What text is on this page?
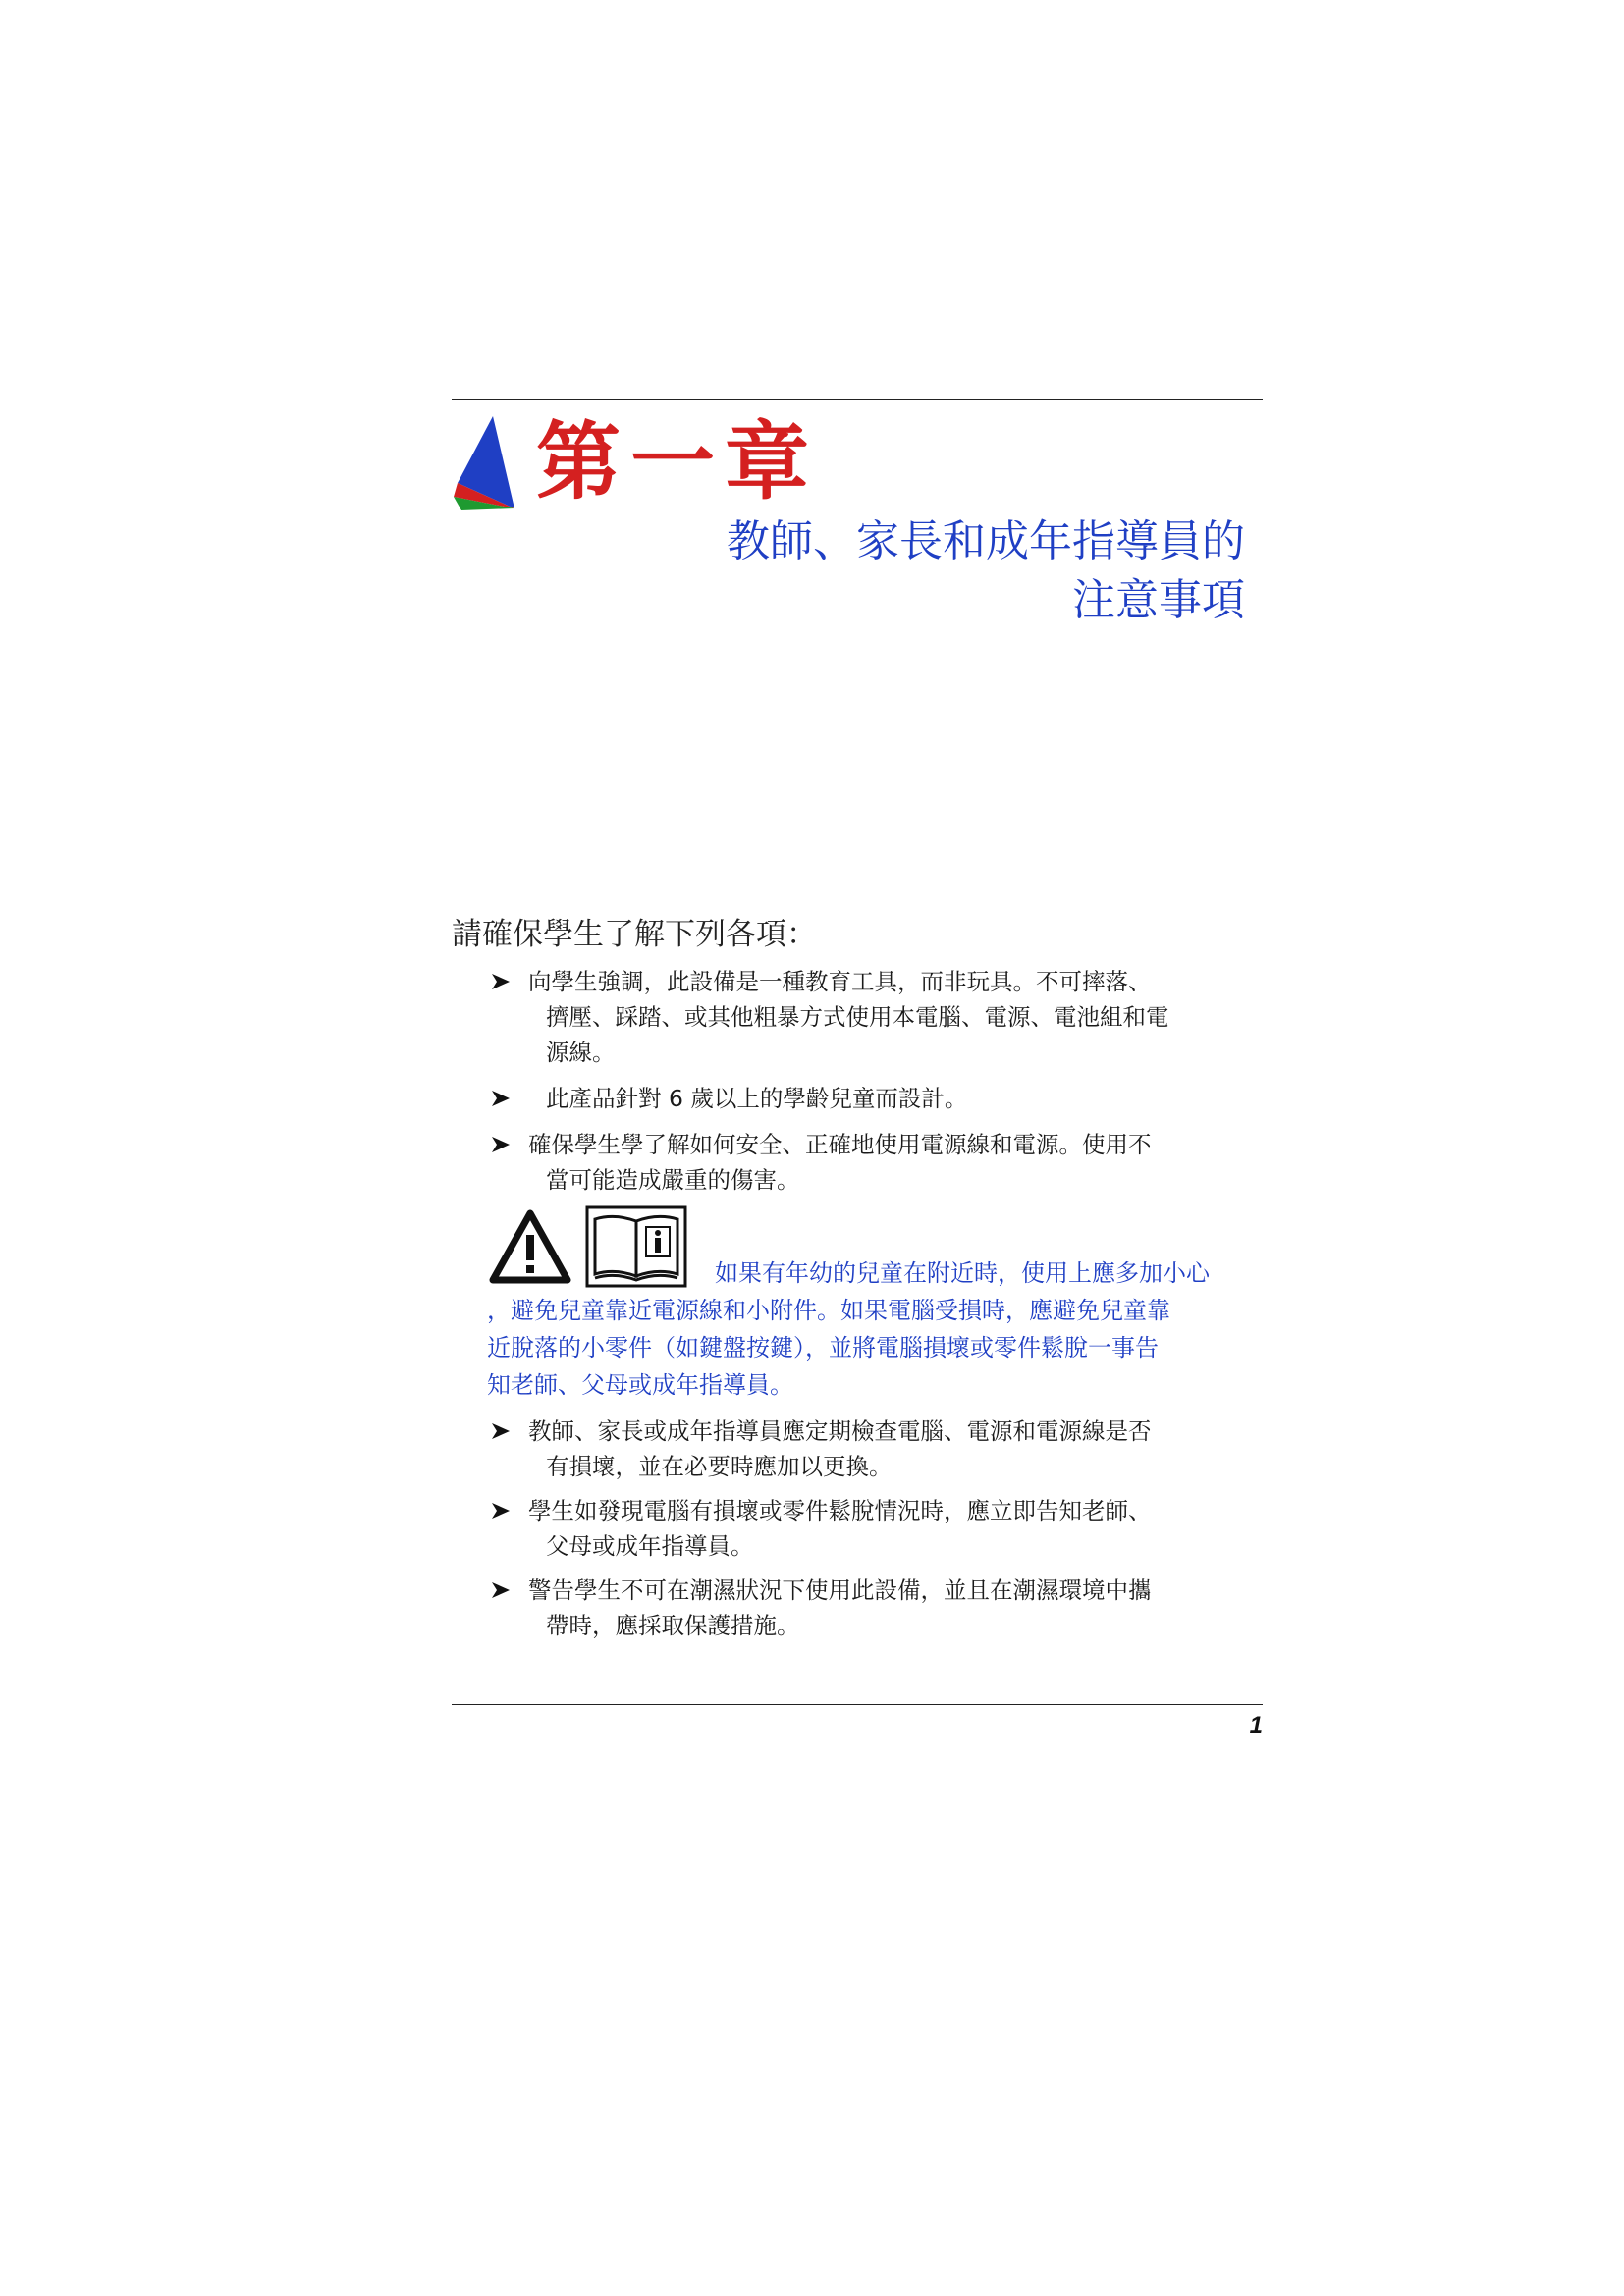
第一章
教師、家長和成年指導員的
注意事項
請確保學生了解下列各項：
向學生強調，此設備是一種教育工具，而非玩具。不可摔落、
擠壓、踩踏、或其他粗暴方式使用本電腦、電源、電池組和電
源線。
此產品針對 6 歲以上的學齡兒童而設計。
確保學生學了解如何安全、正確地使用電源線和電源。使用不
當可能造成嚴重的傷害。
如果有年幼的兒童在附近時，使用上應多加小心
，避免兒童靠近電源線和小附件。如果電腦受損時，應避免兒童靠
近脫落的小零件（如鍵盤按鍵），並將電腦損壞或零件鬆脫一事告
知老師、父母或成年指導員。
教師、家長或成年指導員應定期檢查電腦、電源和電源線是否
有損壞，並在必要時應加以更換。
學生如發現電腦有損壞或零件鬆脫情況時，應立即告知老師、
父母或成年指導員。
警告學生不可在潮濕狀況下使用此設備，並且在潮濕環境中攜
帶時，應採取保護措施。
1
